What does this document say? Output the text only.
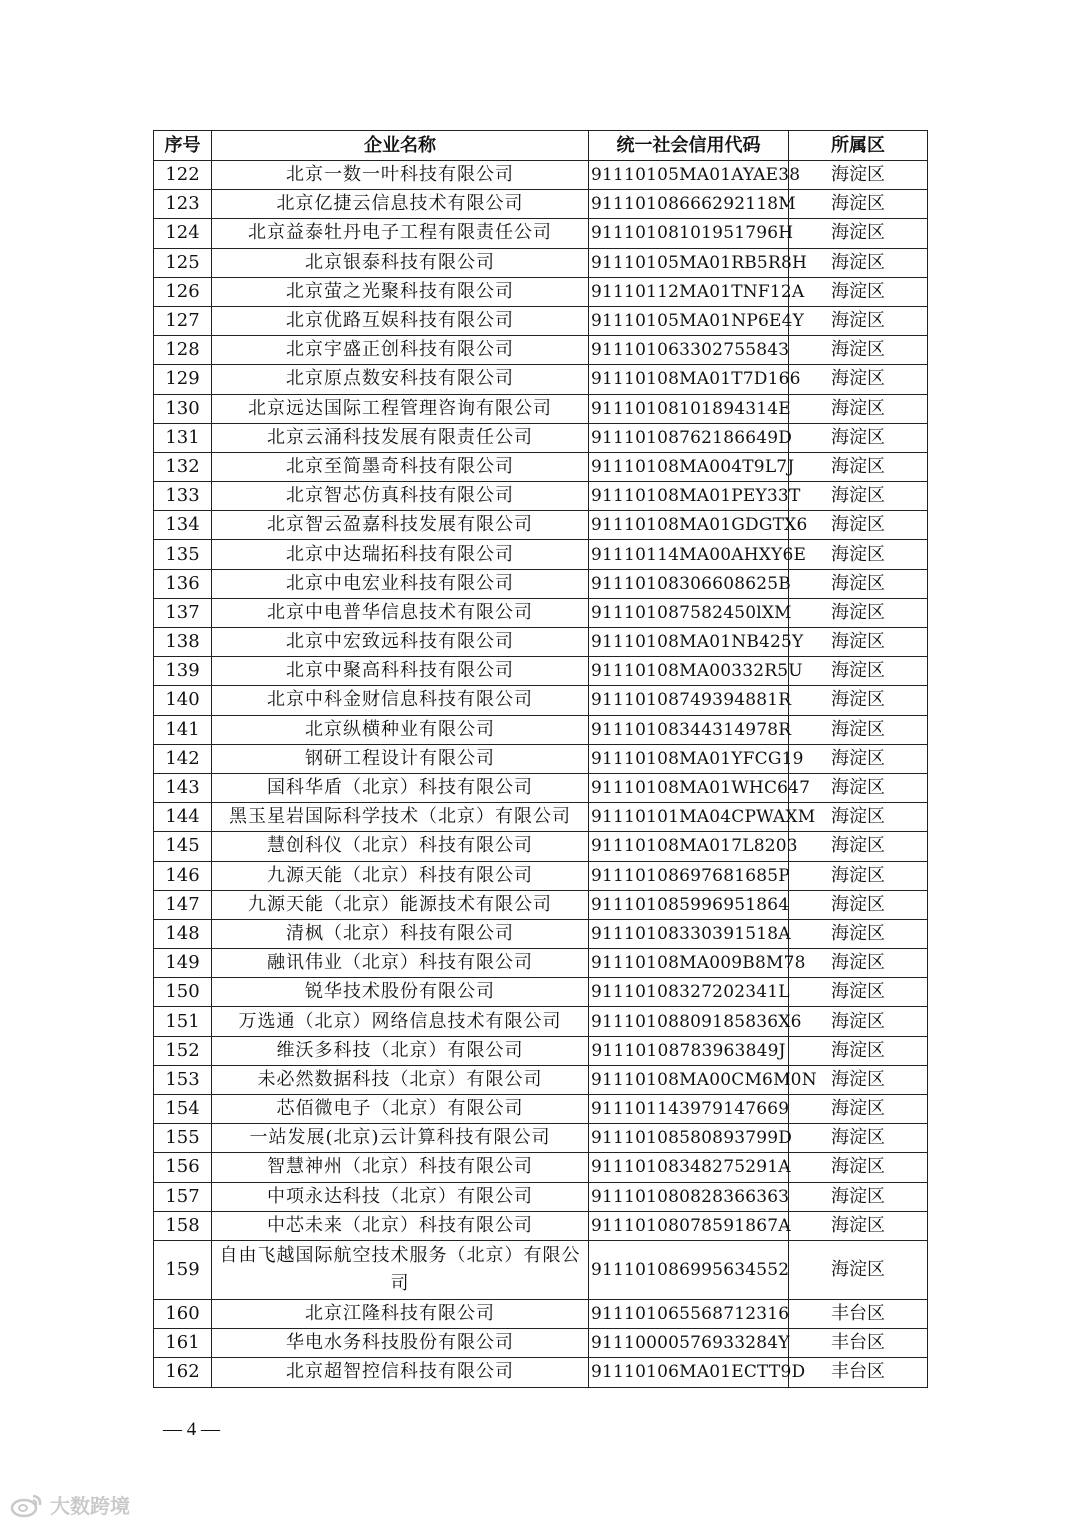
序号	企业名称	统一社会信用代码	所属区
122	北京一数一叶科技有限公司	91110105MA01AYAE38	海淀区
123	北京亿捷云信息技术有限公司	91110108666292118M	海淀区
124	北京益泰牡丹电子工程有限责任公司	91110108101951796H	海淀区
125	北京银泰科技有限公司	91110105MA01RB5R8H	海淀区
126	北京萤之光聚科技有限公司	91110112MA01TNF12A	海淀区
127	北京优路互娱科技有限公司	91110105MA01NP6E4Y	海淀区
128	北京宇盛正创科技有限公司	91110106330275584З	海淀区
129	北京原点数安科技有限公司	91110108MA01T7D166	海淀区
130	北京远达国际工程管理咨询有限公司	91110108101894314E	海淀区
131	北京云涌科技发展有限责任公司	91110108762186649D	海淀区
132	北京至简墨奇科技有限公司	91110108MA004T9L7J	海淀区
133	北京智芯仿真科技有限公司	91110108MA01PEY33T	海淀区
134	北京智云盈嘉科技发展有限公司	91110108MA01GDGTX6	海淀区
135	北京中达瑞拓科技有限公司	91110114MA00AHXY6E	海淀区
136	北京中电宏业科技有限公司	91110108306608625B	海淀区
137	北京中电普华信息技术有限公司	911101087582450lXM	海淀区
138	北京中宏致远科技有限公司	91110108MA01NB425Y	海淀区
139	北京中聚高科科技有限公司	91110108MA00332R5U	海淀区
140	北京中科金财信息科技有限公司	91110108749394881R	海淀区
141	北京纵横种业有限公司	91110108344314978R	海淀区
142	钢研工程设计有限公司	91110108MA01YFCG19	海淀区
143	国科华盾（北京）科技有限公司	91110108MA01WHC647	海淀区
144	黑玉星岩国际科学技术（北京）有限公司	91110101MA04CPWAXM	海淀区
145	慧创科仪（北京）科技有限公司	91110108MA017L8203	海淀区
146	九源天能（北京）科技有限公司	91110108697681685P	海淀区
147	九源天能（北京）能源技术有限公司	91110108599695186​4	海淀区
148	清枫（北京）科技有限公司	91110108330391518A	海淀区
149	融讯伟业（北京）科技有限公司	91110108MA009B8M78	海淀区
150	锐华技术股份有限公司	91110108327202341L	海淀区
151	万选通（北京）网络信息技术有限公司	91110108809185836X6	海淀区
152	维沃多科技（北京）有限公司	91110108783963849J	海淀区
153	未必然数据科技（北京）有限公司	91110108MA00CM6M0N	海淀区
154	芯佰微电子（北京）有限公司	911101143979147669	海淀区
155	一站发展(北京)云计算科技有限公司	91110108580893799D	海淀区
156	智慧神州（北京）科技有限公司	91110108348275291A	海淀区
157	中项永达科技（北京）有限公司	91110108082836636З	海淀区
158	中芯未来（北京）科技有限公司	91110108078591867A	海淀区
159	自由飞越国际航空技术服务（北京）有限公司	91110108699563455​2	海淀区
160	北京江隆科技有限公司	91110106556871231​6	丰台区
161	华电水务科技股份有限公司	91110000576933284Y	丰台区
162	北京超智控信科技有限公司	91110106MA01ECTT9D	丰台区
— 4 —
大数跨境
